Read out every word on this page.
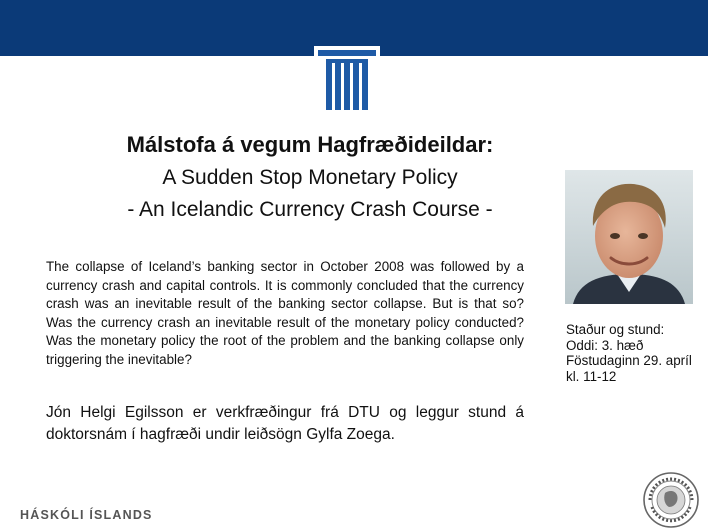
Málstofa á vegum Hagfræðideildar:
A Sudden Stop Monetary Policy
- An Icelandic Currency Crash Course -
The collapse of Iceland’s banking sector in October 2008 was followed by a currency crash and capital controls. It is commonly concluded that the currency crash was an inevitable result of the banking sector collapse. But is that so? Was the currency crash an inevitable result of the monetary policy conducted? Was the monetary policy the root of the problem and the banking collapse only triggering the inevitable?
Jón Helgi Egilsson er verkfræðingur frá DTU og leggur stund á doktorsnám í hagfræði undir leiðsögn Gylfa Zoega.
Staður og stund:
Oddi: 3. hæð
Föstudaginn 29. apríl
kl. 11-12
HÁSKÓLI ÍSLANDS
